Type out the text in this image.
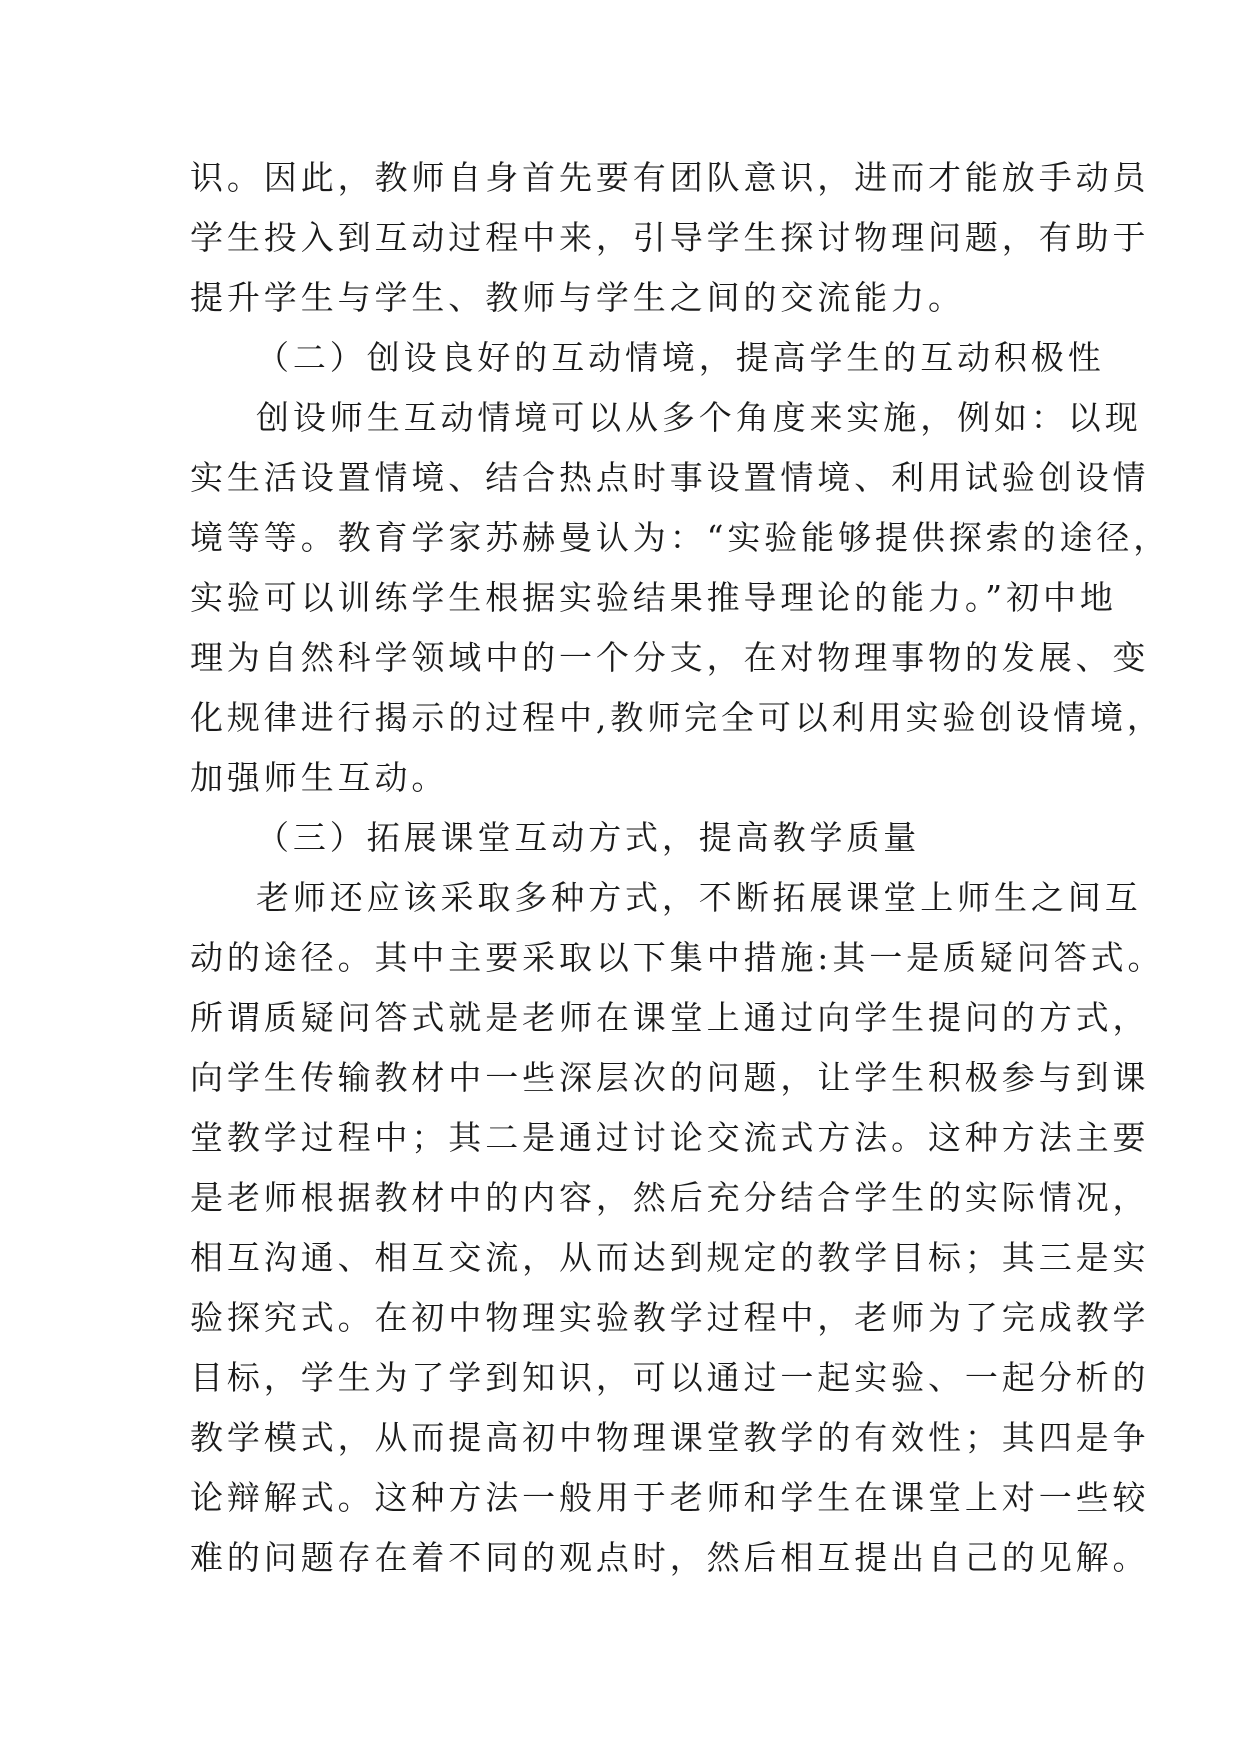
识。因此，教师自身首先要有团队意识，进而才能放手动员
学生投入到互动过程中来，引导学生探讨物理问题，有助于
提升学生与学生、教师与学生之间的交流能力。
（二）创设良好的互动情境，提高学生的互动积极性
创设师生互动情境可以从多个角度来实施，例如：以现
实生活设置情境、结合热点时事设置情境、利用试验创设情
境等等。教育学家苏赫曼认为：“实验能够提供探索的途径，
实验可以训练学生根据实验结果推导理论的能力。”初中地
理为自然科学领域中的一个分支，在对物理事物的发展、变
化规律进行揭示的过程中,教师完全可以利用实验创设情境，
加强师生互动。
（三）拓展课堂互动方式，提高教学质量
老师还应该采取多种方式，不断拓展课堂上师生之间互
动的途径。其中主要采取以下集中措施:其一是质疑问答式。
所谓质疑问答式就是老师在课堂上通过向学生提问的方式，
向学生传输教材中一些深层次的问题，让学生积极参与到课
堂教学过程中；其二是通过讨论交流式方法。这种方法主要
是老师根据教材中的内容，然后充分结合学生的实际情况，
相互沟通、相互交流，从而达到规定的教学目标；其三是实
验探究式。在初中物理实验教学过程中，老师为了完成教学
目标，学生为了学到知识，可以通过一起实验、一起分析的
教学模式，从而提高初中物理课堂教学的有效性；其四是争
论辩解式。这种方法一般用于老师和学生在课堂上对一些较
难的问题存在着不同的观点时，然后相互提出自己的见解。
